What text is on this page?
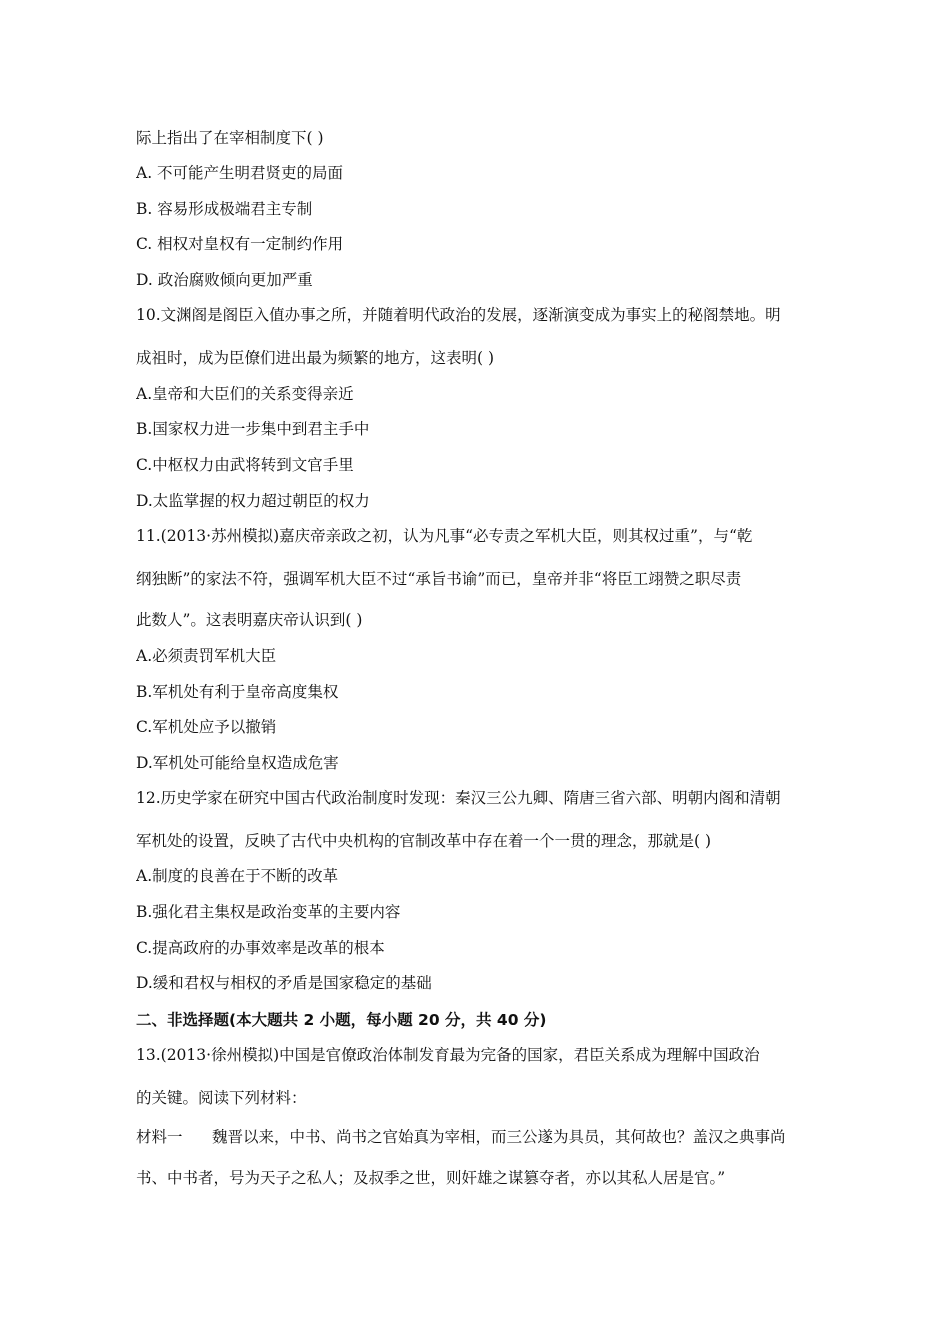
际上指出了在宰相制度下( )
A. 不可能产生明君贤吏的局面
B. 容易形成极端君主专制
C. 相权对皇权有一定制约作用
D. 政治腐败倾向更加严重
10.文渊阁是阁臣入值办事之所，并随着明代政治的发展，逐渐演变成为事实上的秘阁禁地。明
成祖时，成为臣僚们进出最为频繁的地方，这表明( )
A.皇帝和大臣们的关系变得亲近
B.国家权力进一步集中到君主手中
C.中枢权力由武将转到文官手里
D.太监掌握的权力超过朝臣的权力
11.(2013·苏州模拟)嘉庆帝亲政之初，认为凡事“必专责之军机大臣，则其权过重”，与“乾
纲独断”的家法不符，强调军机大臣不过“承旨书谕”而已，皇帝并非“将臣工翊赞之职尽责
此数人”。这表明嘉庆帝认识到( )
A.必须责罚军机大臣
B.军机处有利于皇帝高度集权
C.军机处应予以撤销
D.军机处可能给皇权造成危害
12.历史学家在研究中国古代政治制度时发现：秦汉三公九卿、隋唐三省六部、明朝内阁和清朝
军机处的设置，反映了古代中央机构的官制改革中存在着一个一贯的理念，那就是( )
A.制度的良善在于不断的改革
B.强化君主集权是政治变革的主要内容
C.提高政府的办事效率是改革的根本
D.缓和君权与相权的矛盾是国家稳定的基础
二、非选择题(本大题共 2 小题，每小题 20 分，共 40 分)
13.(2013·徐州模拟)中国是官僚政治体制发育最为完备的国家，君臣关系成为理解中国政治
的关键。阅读下列材料：
材料一 魏晋以来，中书、尚书之官始真为宰相，而三公遂为具员，其何故也？盖汉之典事尚
书、中书者，号为天子之私人；及叔季之世，则奸雄之谋篡夺者，亦以其私人居是官。”
